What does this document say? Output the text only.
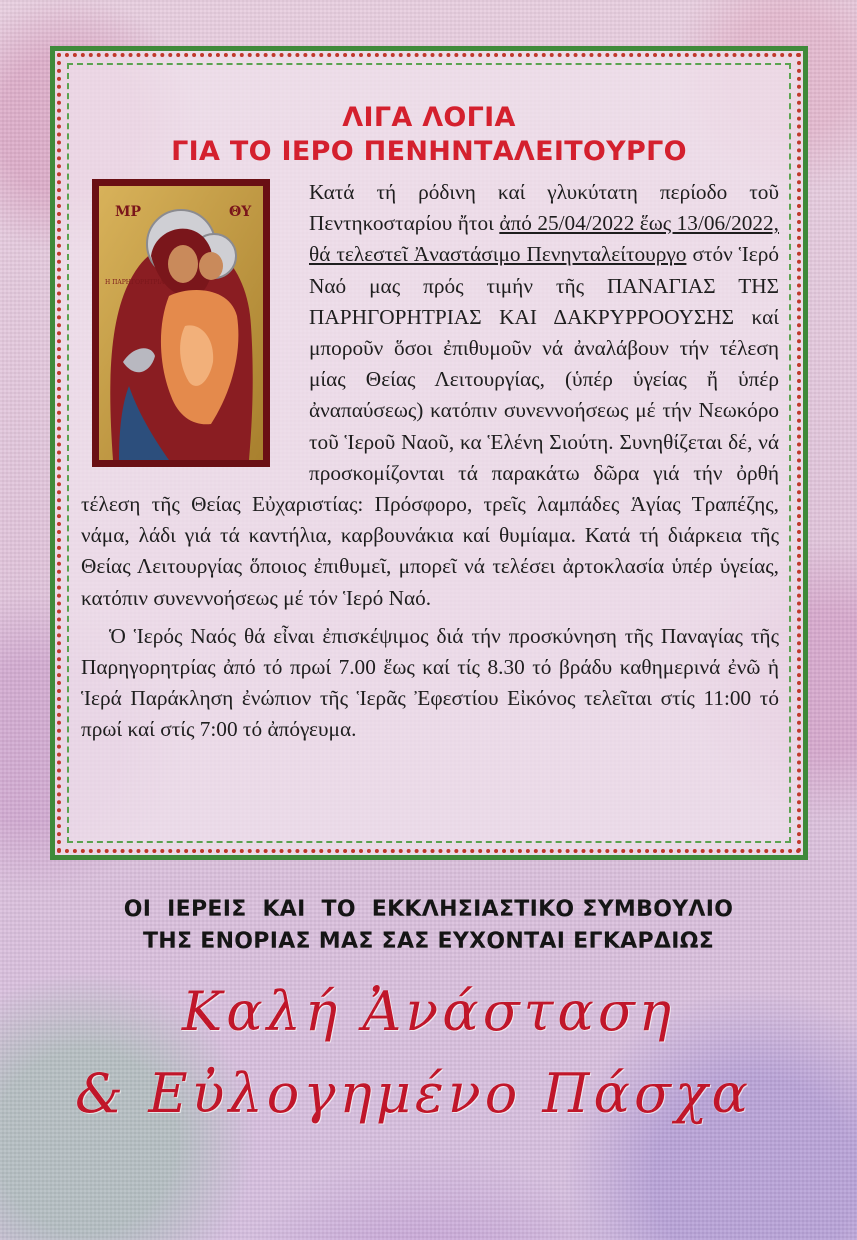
ΛΙΓΑ ΛΟΓΙΑ
ΓΙΑ ΤΟ ΙΕΡΟ ΠΕΝΗΝΤΑΛΕΙΤΟΥΡΓΟ
ΜΡ	ΘΥ
Η ΠΑΡΗΓΟΡΗΤΡΙΑ

Κατά τή ρόδινη καί γλυκύτατη περίοδο τοῦ Πεντηκοσταρίου ἤτοι ἀπό 25/04/2022 ἕως 13/06/2022, θά τελεστεῖ Ἀναστάσιμο Πενηνταλείτουργο στόν Ἱερό Ναό μας πρός τιμήν τῆς ΠΑΝΑΓΙΑΣ ΤΗΣ ΠΑΡΗΓΟΡΗΤΡΙΑΣ ΚΑΙ ΔΑΚΡΥΡΡΟΟΥΣΗΣ καί μποροῦν ὅσοι ἐπιθυμοῦν νά ἀναλάβουν τήν τέλεση μίας Θείας Λειτουργίας, (ὑπέρ ὑγείας ἤ ὑπέρ ἀναπαύσεως) κατόπιν συνεννοήσεως μέ τήν Νεωκόρο τοῦ Ἱεροῦ Ναοῦ, κα Ἑλένη Σιούτη. Συνηθίζεται δέ, νά προσκομίζονται τά παρακάτω δῶρα γιά τήν ὀρθή τέλεση τῆς Θείας Εὐχαριστίας: Πρόσφορο, τρεῖς λαμπάδες Ἁγίας Τραπέζης, νάμα, λάδι γιά τά καντήλια, καρβουνάκια καί θυμίαμα. Κατά τή διάρκεια τῆς Θείας Λειτουργίας ὅποιος ἐπιθυμεῖ, μπορεῖ νά τελέσει ἀρτοκλασία ὑπέρ ὑγείας, κατόπιν συνεννοήσεως μέ τόν Ἱερό Ναό.

Ὁ Ἱερός Ναός θά εἶναι ἐπισκέψιμος διά τήν προσκύνηση τῆς Παναγίας τῆς Παρηγορητρίας ἀπό τό πρωί 7.00 ἕως καί τίς 8.30 τό βράδυ καθημερινά ἐνῶ ἡ Ἱερά Παράκληση ἐνώπιον τῆς Ἱερᾶς Ἐφεστίου Εἰκόνος τελεῖται στίς 11:00 τό πρωί καί στίς 7:00 τό ἀπόγευμα.

ΟΙ  ΙΕΡΕΙΣ  ΚΑΙ  ΤΟ  ΕΚΚΛΗΣΙΑΣΤΙΚΟ ΣΥΜΒΟΥΛΙΟ
ΤΗΣ ΕΝΟΡΙΑΣ ΜΑΣ ΣΑΣ ΕΥΧΟΝΤΑΙ ΕΓΚΑΡΔΙΩΣ
Καλή Ἀνάσταση
& Εὐλογημένο Πάσχα
